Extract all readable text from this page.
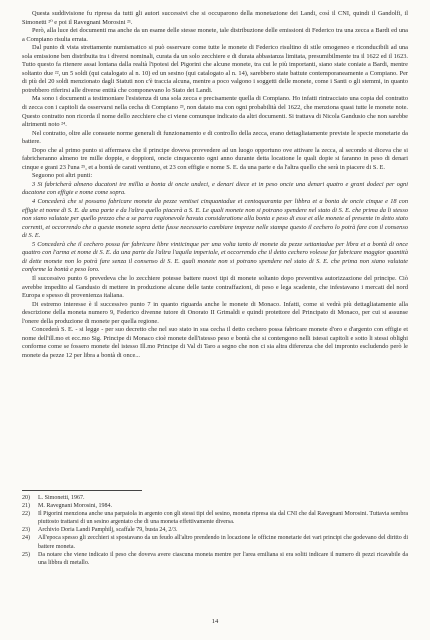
Questa suddivisione fu ripresa da tutti gli autori successivi che si occuparono della monetazione dei Landi, così il CNI, quindi il Gandolfi, il Simonetti ²⁰ e poi il Ravegnani Morosini ²¹.

Però, alla luce dei documenti ma anche da un esame delle stesse monete, tale distribuzione delle emissioni di Federico tra una zecca a Bardi ed una a Compiano risulta errata.

Dal punto di vista strettamente numismatico si può osservare come tutte le monete di Federico risultino di stile omogeneo e riconducibili ad una sola emissione ben distribuita tra i diversi nominali, curata da un solo zecchiere e di durata abbastanza limitata, presumibilmente tra il 1622 ed il 1623. Tutto questo fa ritenere assai lontana dalla realtà l'ipotesi del Pigorini che alcune monete, tra cui le più importanti, siano state coniate a Bardi, mentre soltanto due ²², un 5 soldi (qui catalogato al n. 10) ed un sesino (qui catalogato al n. 14), sarebbero state battute contemporaneamente a Compiano. Per di più del 20 soldi menzionato dagli Statuti non c'è traccia alcuna, mentre a poco valgono i soggetti delle monete, come i Santi o gli stemmi, in quanto potrebbero riferirsi alle diverse entità che componevano lo Stato dei Landi.

Ma sono i documenti a testimoniare l'esistenza di una sola zecca e precisamente quella di Compiano. Ho infatti rintracciato una copia del contratto di zecca con i capitoli da osservarsi nella cecha di Compiano ²³, non datato ma con ogni probabilità del 1622, che menziona quasi tutte le monete note. Questo contratto non ricorda il nome dello zecchiere che ci viene comunque indicato da altri documenti. Si trattava di Nicola Gandusio che non sarebbe altrimenti noto ²⁴.

Nel contratto, oltre alle consuete norme generali di funzionamento e di controllo della zecca, erano dettagliatamente previste le specie monetarie da battere.

Dopo che al primo punto si affermava che il principe doveva provvedere ad un luogo opportuno ove attivare la zecca, al secondo si diceva che si fabricheranno almeno tre mille doppie, e doppioni, oncie cinquecento ogni anno durante detta locatione le quali dopie si faranno in peso di denari cinque e grani 23 l'una ²⁵, et a bontà de carati ventiuno, et 23 con effigie e nome S. E. da una parte e da l'altra quello che serà in piacere di S. E.

Seguono poi altri punti:

3 Si fabricherà almeno ducatoni tre millia a bonta di oncie undeci, e denari diece et in peso oncie una denari quatro e grani dodeci per ogni ducatone con effigie e nome come sopra.

4 Concederà che si possano fabricare monete da pezze ventisei cinquantadue et centoquaranta per libbra et a bonta de oncie cinque e 18 con effigie et nome di S. E. da una parte e da l'altra quello piacerà a S. E. Le quali monete non si potrano spendere nel stato di S. E. che prima da li stesso non siano valutate per quello prezzo che a se parra ragionevole havuta consideratione alla bonta e peso di esse et alle monete al presente in detto stato correnti, et occorrendo che a queste monete sopra dette fusse necessario cambiare impreze nelle stampe questo il cechero lo potrà fare con il consenso di S. E.

5 Concederà che il cechero possa far fabricare libre vinticinque per una volta tanto di monete da pezze settantadue per libra et a bontà di once quattro con l'arma et nome di S. E. da una parte da l'altra l'aquila imperiale, et occorrendo che il detto cechero volesse far fabricare maggior quantità di dette monete non lo potrà fare senza il consenso di S. E. quali monete non si potrano spendere nel stato di S. E. che prima non siano valutate conforme la bontà e peso loro.

Il successivo punto 6 prevedeva che lo zecchiere potesse battere nuovi tipi di monete soltanto dopo preventiva autorizzazione del principe. Ciò avrebbe impedito al Gandusio di mettere in produzione alcune delle tante contraffazioni, di peso e lega scadente, che infestavano i mercati del nord Europa e spesso di provenienza italiana.

Di estremo interesse è il successivo punto 7 in quanto riguarda anche le monete di Monaco. Infatti, come si vedrà più dettagliatamente alla descrizione della moneta numero 9, Federico divenne tutore di Onorato II Grimaldi e quindi protettore del Principato di Monaco, per cui si assunse l'onere della produzione di monete per quella regione.

Concederà S. E. - si legge - per suo decretto che nel suo stato in sua cecha il detto cechero possa fabricare monete d'oro e d'argento con effigie et nome dell'ill.mo et ecc.mo Sig. Principe di Monaco cioè monete dell'istesso peso e bontà che si contengono nelli istessi capitoli e sotto li stessi oblighi conforme come se fossero monete del istesso Ill.mo Principe di Val di Taro a segno che non ci sia altra diferenza che del impronto escludendo però le monete da pezze 12 per libra a bontà di once...

20)	L. Simonetti, 1967.
21)	M. Ravegnani Morosini, 1984.
22)	Il Pigorini menziona anche una parpaiola in argento con gli stessi tipi del sesino, moneta ripresa sia dal CNI che dal Ravegnani Morosini. Tuttavia sembra piuttosto trattarsi di un sesino argentato che di una moneta effettivamente diversa.
23)	Archivio Doria Landi Pamphilj, scaffale 79, busta 24, 2/3.
24)	All'epoca spesso gli zecchieri si spostavano da un feudo all'altro prendendo in locazione le officine monetarie dei vari principi che godevano del diritto di battere moneta.
25)	Da notare che viene indicato il peso che doveva avere ciascuna moneta mentre per l'area emiliana si era soliti indicare il numero di pezzi ricavabile da una libbra di metallo.
14
